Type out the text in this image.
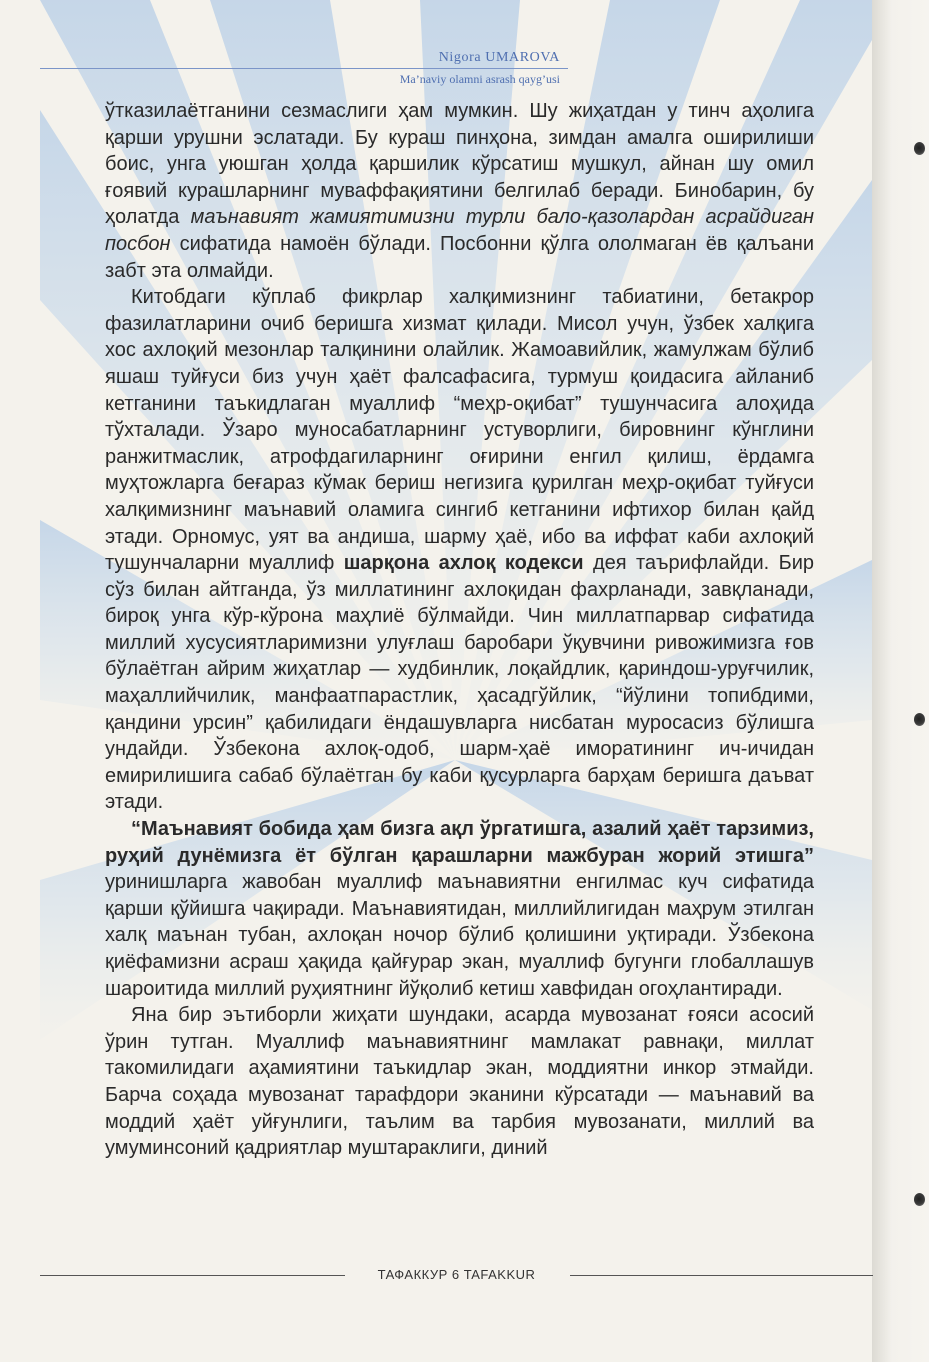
Nigora UMAROVA
Ma’naviy olamni asrash qayg’usi

ўтказилаётганини сезмаслиги ҳам мумкин. Шу жиҳатдан у тинч аҳолига қарши урушни эслатади. Бу кураш пинҳона, зимдан амалга оширилиши боис, унга уюшган ҳолда қаршилик кўрсатиш мушкул, айнан шу омил ғоявий курашларнинг муваффақиятини белгилаб беради. Бинобарин, бу ҳолатда маънавият жамиятимизни турли бало-қазолардан асрайдиган посбон сифатида намоён бўлади. Посбонни қўлга ололмаган ёв қалъани забт эта олмайди.

Китобдаги кўплаб фикрлар халқимизнинг табиатини, бетакрор фазилатларини очиб беришга хизмат қилади. Мисол учун, ўзбек халқига хос ахлоқий мезонлар талқинини олайлик. Жамоавийлик, жамулжам бўлиб яшаш туйғуси биз учун ҳаёт фалсафасига, турмуш қоидасига айланиб кетганини таъкидлаган муаллиф “меҳр-оқибат” тушунчасига алоҳида тўхталади. Ўзаро муносабатларнинг устуворлиги, бировнинг кўнглини ранжитмаслик, атрофдагиларнинг оғирини енгил қилиш, ёрдамга муҳтожларга беғараз кўмак бериш негизига қурилган меҳр-оқибат туйғуси халқимизнинг маънавий оламига сингиб кетганини ифтихор билан қайд этади. Орномус, уят ва андиша, шарму ҳаё, ибо ва иффат каби ахлоқий тушунчаларни муаллиф шарқона ахлоқ кодекси дея таърифлайди. Бир сўз билан айтганда, ўз миллатининг ахлоқидан фахрланади, завқланади, бироқ унга кўр-кўрона маҳлиё бўлмайди. Чин миллатпарвар сифатида миллий хусусиятларимизни улуғлаш баробари ўқувчини ривожимизга ғов бўлаётган айрим жиҳатлар — худбинлик, лоқайдлик, қариндош-уруғчилик, маҳаллийчилик, манфаатпарастлик, ҳасадгўйлик, “йўлини топибдими, қандини урсин” қабилидаги ёндашувларга нисбатан муросасиз бўлишга ундайди. Ўзбекона ахлоқ-одоб, шарм-ҳаё иморатининг ич-ичидан емирилишига сабаб бўлаётган бу каби қусурларга барҳам беришга даъват этади.

“Маънавият бобида ҳам бизга ақл ўргатишга, азалий ҳаёт тарзимиз, руҳий дунёмизга ёт бўлган қарашларни мажбуран жорий этишга” уринишларга жавобан муаллиф маънавиятни енгилмас куч сифатида қарши қўйишга чақиради. Маънавиятидан, миллийлигидан маҳрум этилган халқ маънан тубан, ахлоқан ночор бўлиб қолишини уқтиради. Ўзбекона қиёфамизни асраш ҳақида қайғурар экан, муаллиф бугунги глобаллашув шароитида миллий руҳиятнинг йўқолиб кетиш хавфидан огоҳлантиради.

Яна бир эътиборли жиҳати шундаки, асарда мувозанат ғояси асосий ўрин тутган. Муаллиф маънавиятнинг мамлакат равнақи, миллат такомилидаги аҳамиятини таъкидлар экан, моддиятни инкор этмайди. Барча соҳада мувозанат тарафдори эканини кўрсатади — маънавий ва моддий ҳаёт уйғунлиги, таълим ва тарбия мувозанати, миллий ва умуминсоний қадриятлар муштараклиги, диний

ТАФАККУР 6 TAFAKKUR
